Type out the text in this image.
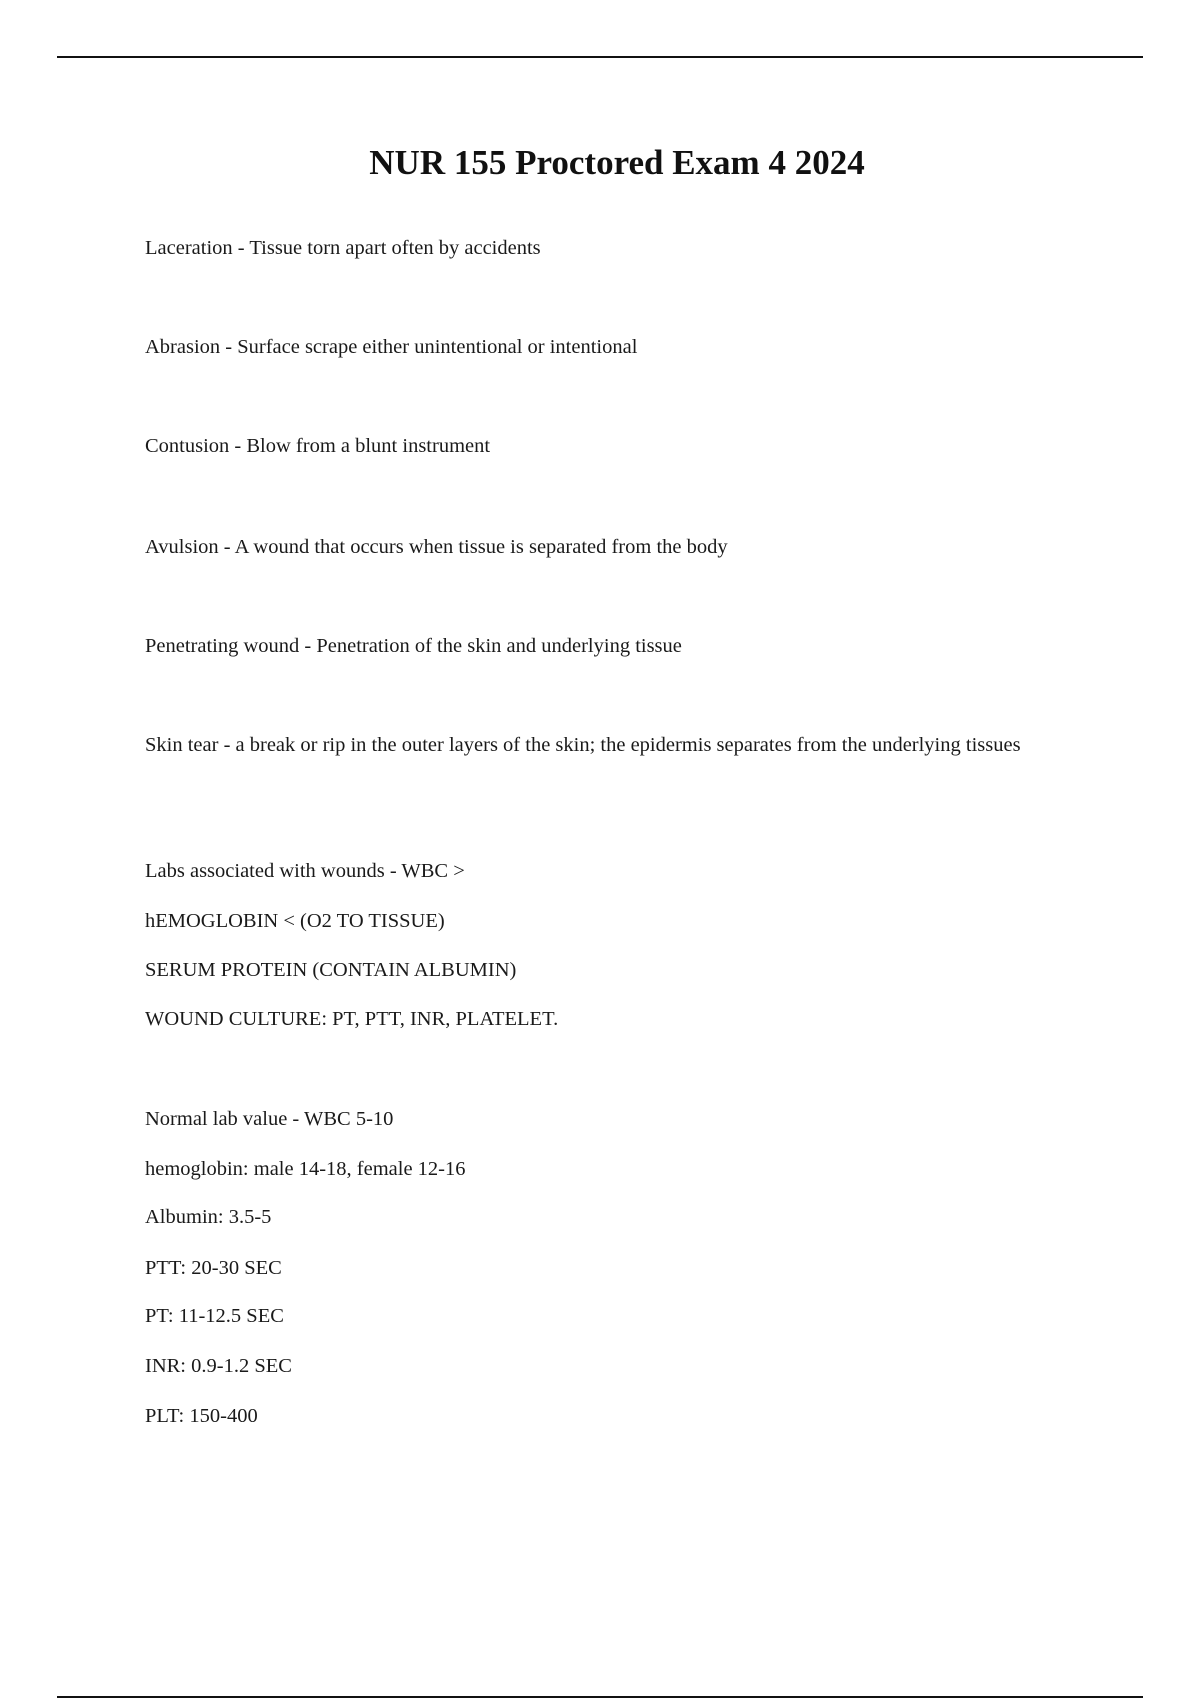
NUR 155 Proctored Exam 4 2024
Laceration - Tissue torn apart often by accidents
Abrasion - Surface scrape either unintentional or intentional
Contusion - Blow from a blunt instrument
Avulsion - A wound that occurs when tissue is separated from the body
Penetrating wound - Penetration of the skin and underlying tissue
Skin tear - a break or rip in the outer layers of the skin; the epidermis separates from the underlying tissues
Labs associated with wounds - WBC >
hEMOGLOBIN < (O2 TO TISSUE)
SERUM PROTEIN (CONTAIN ALBUMIN)
WOUND CULTURE: PT, PTT, INR, PLATELET.
Normal lab value - WBC 5-10
hemoglobin: male 14-18, female 12-16
Albumin: 3.5-5
PTT: 20-30 SEC
PT: 11-12.5 SEC
INR: 0.9-1.2 SEC
PLT: 150-400
